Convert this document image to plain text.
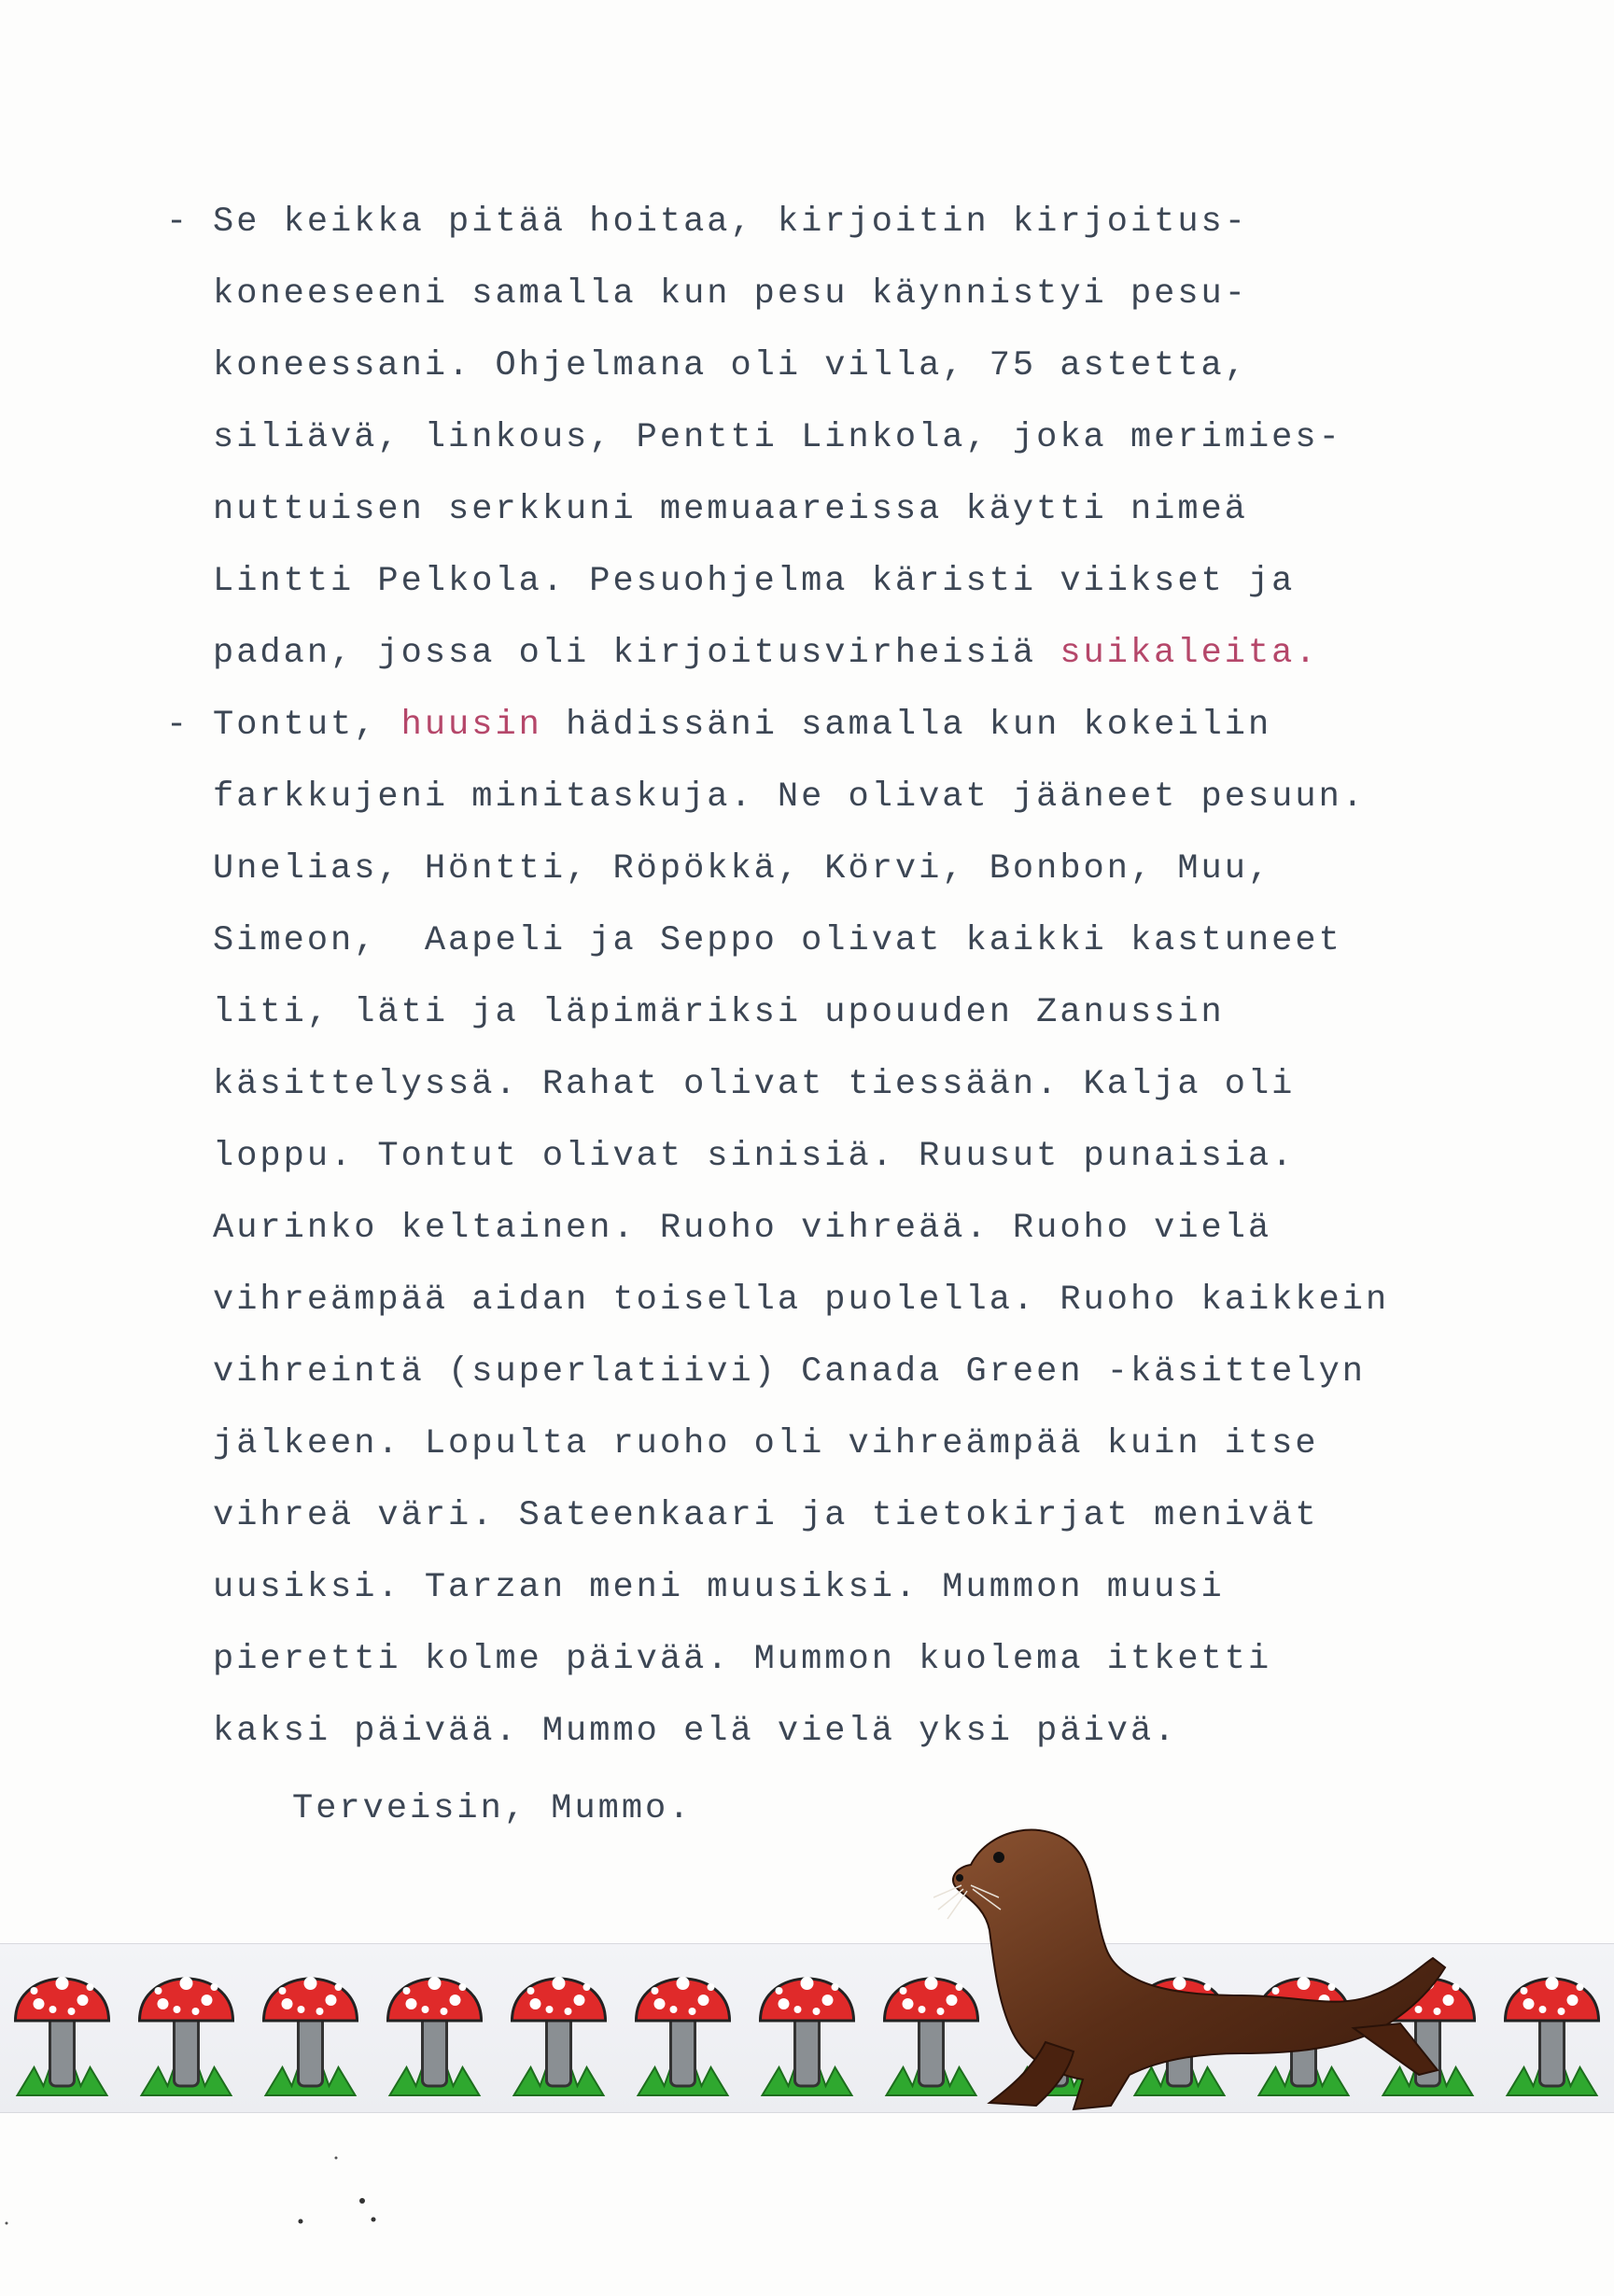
- Se keikka pitää hoitaa, kirjoitin kirjoitus-
koneeseeni samalla kun pesu käynnistyi pesu-
koneessani. Ohjelmana oli villa, 75 astetta,
siliävä, linkous, Pentti Linkola, joka merimies-
nuttuisen serkkuni memuaareissa käytti nimeä
Lintti Pelkola. Pesuohjelma käristi viikset ja
padan, jossa oli kirjoitusvirheisiä suikaleita.
- Tontut, huusin hädissäni samalla kun kokeilin
farkkujeni minitaskuja. Ne olivat jääneet pesuun.
Unelias, Höntti, Röpökkä, Körvi, Bonbon, Muu,
Simeon,  Aapeli ja Seppo olivat kaikki kastuneet
liti, läti ja läpimäriksi upouuden Zanussin
käsittelyssä. Rahat olivat tiessään. Kalja oli
loppu. Tontut olivat sinisiä. Ruusut punaisia.
Aurinko keltainen. Ruoho vihreää. Ruoho vielä
vihreämpää aidan toisella puolella. Ruoho kaikkein
vihreintä (superlatiivi) Canada Green -käsittelyn
jälkeen. Lopulta ruoho oli vihreämpää kuin itse
vihreä väri. Sateenkaari ja tietokirjat menivät
uusiksi. Tarzan meni muusiksi. Mummon muusi
pieretti kolme päivää. Mummon kuolema itketti
kaksi päivää. Mummo elä vielä yksi päivä.
Terveisin, Mummo.
